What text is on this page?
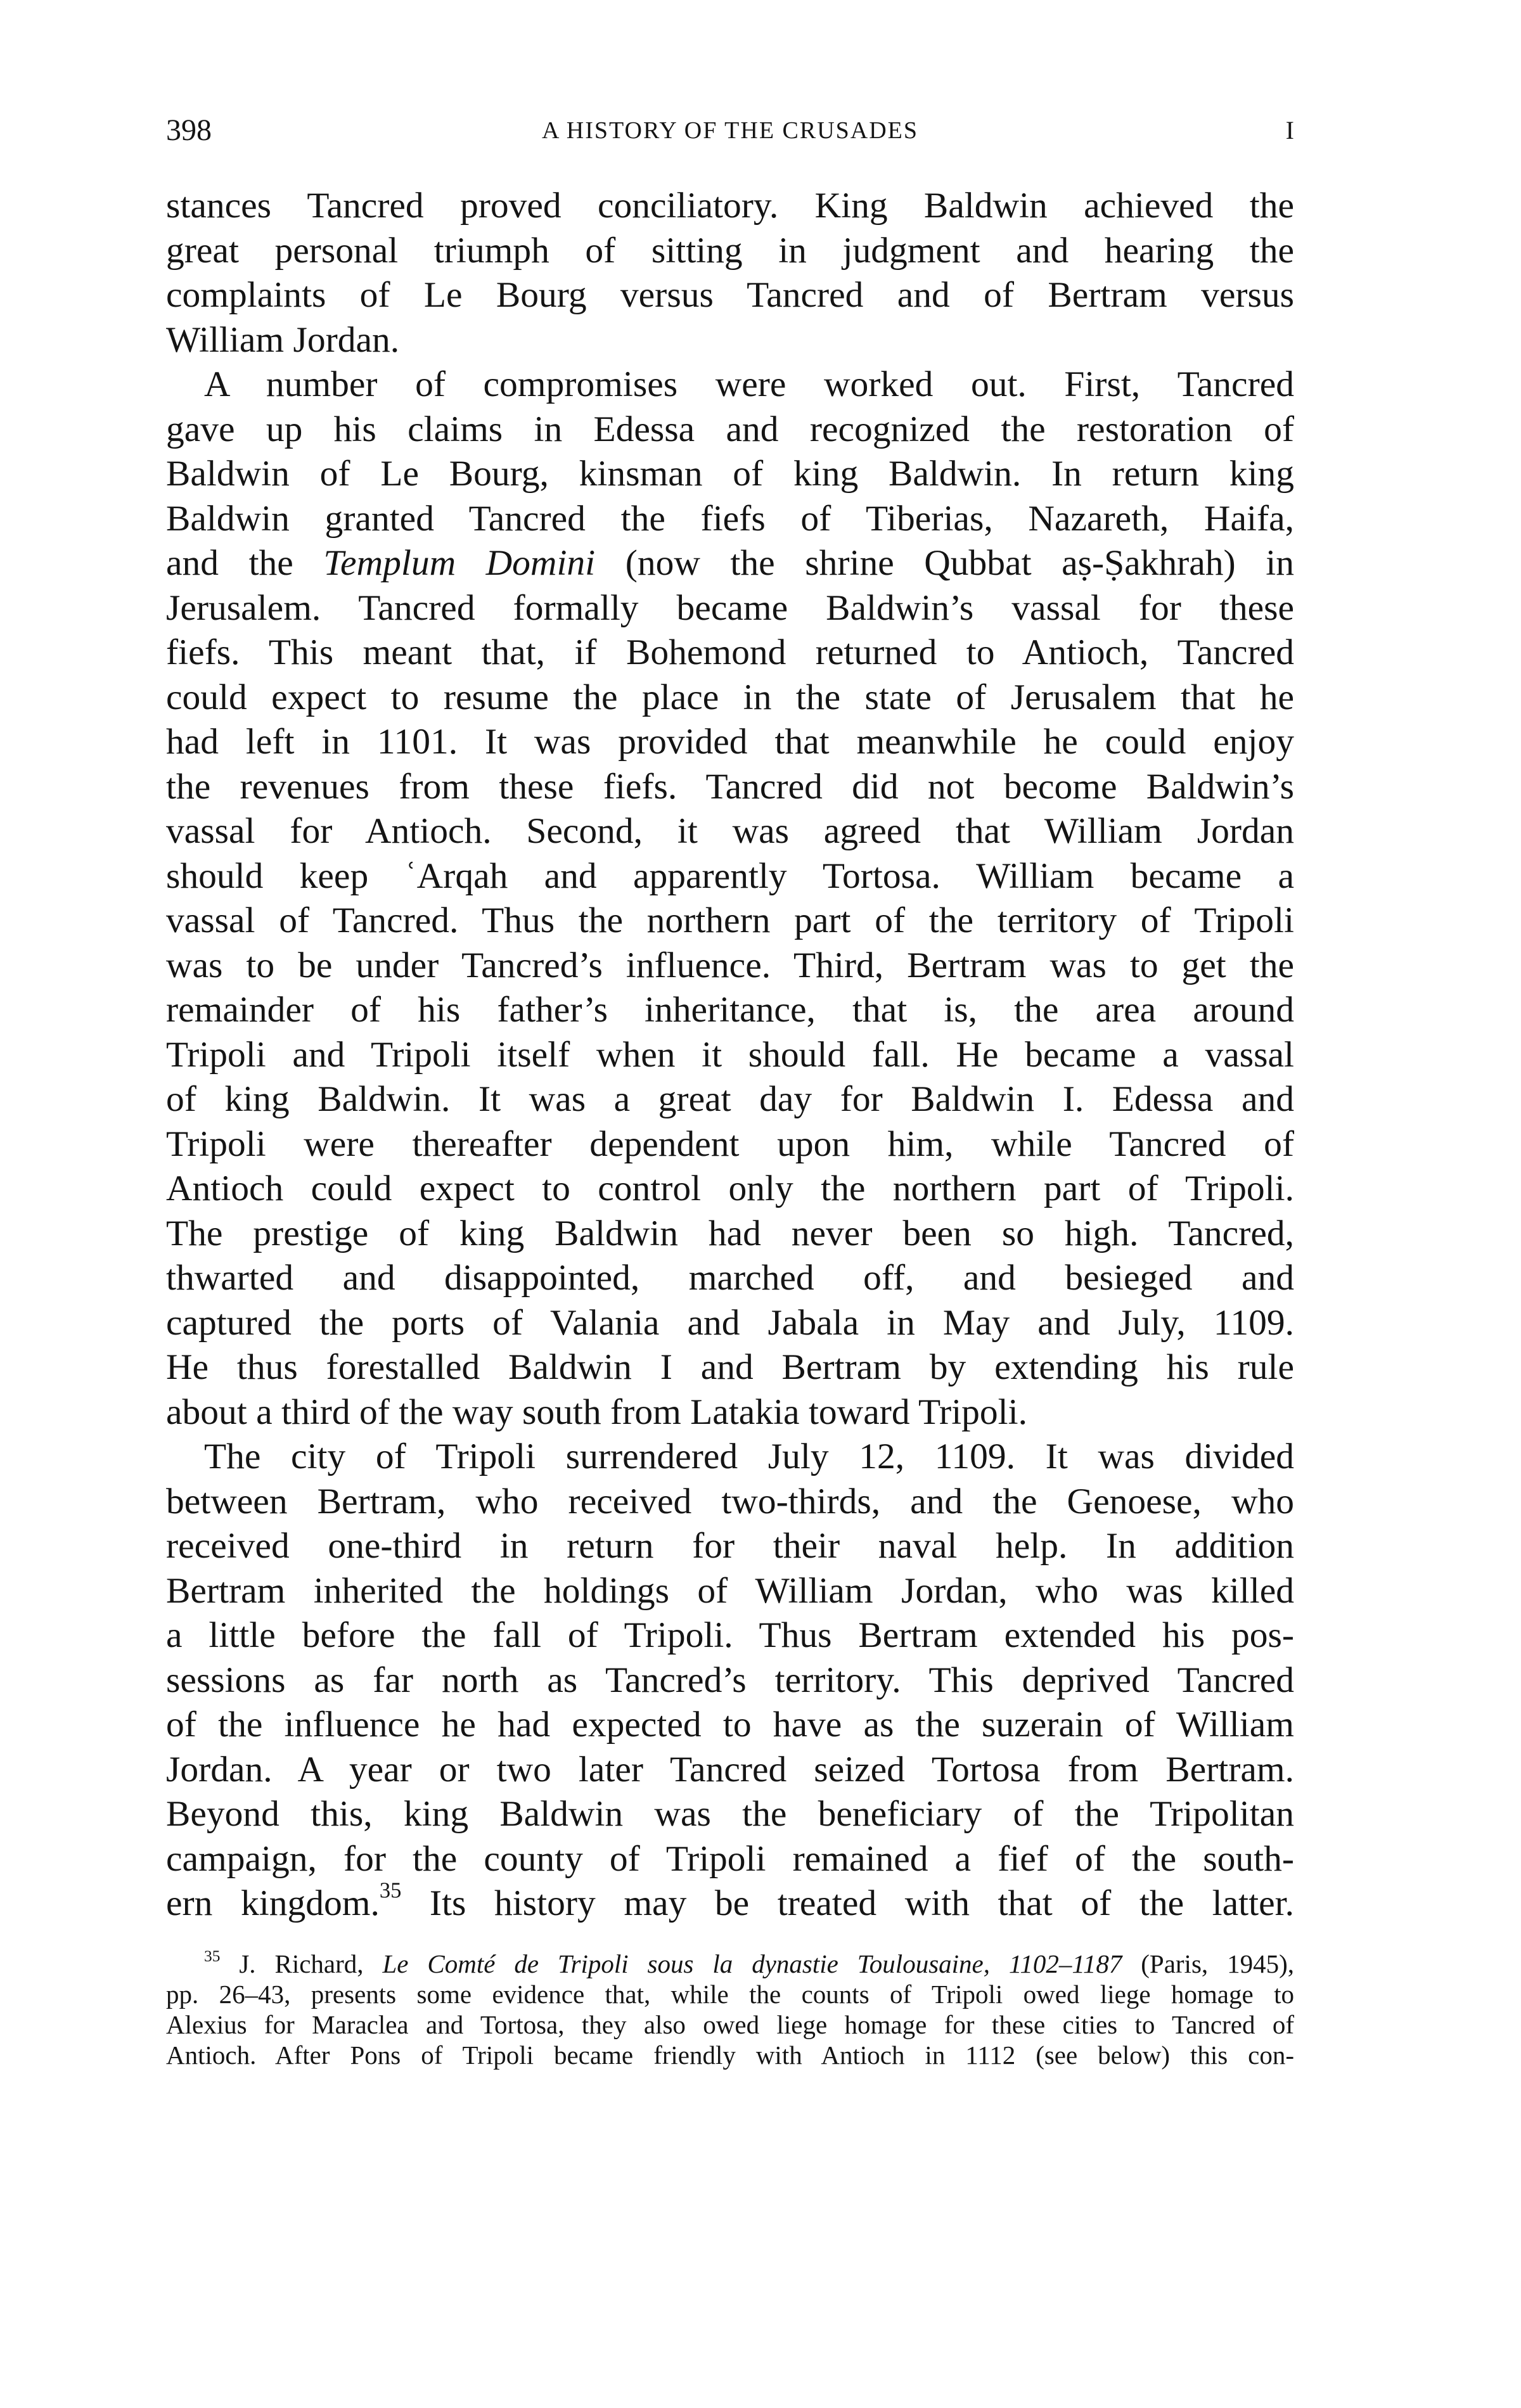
398	A HISTORY OF THE CRUSADES	I
stances Tancred proved conciliatory. King Baldwin achieved the
great personal triumph of sitting in judgment and hearing the
complaints of Le Bourg versus Tancred and of Bertram versus
William Jordan.
A number of compromises were worked out. First, Tancred
gave up his claims in Edessa and recognized the restoration of
Baldwin of Le Bourg, kinsman of king Baldwin. In return king
Baldwin granted Tancred the fiefs of Tiberias, Nazareth, Haifa,
and the Templum Domini (now the shrine Qubbat aṣ-Ṣakhrah) in
Jerusalem. Tancred formally became Baldwin’s vassal for these
fiefs. This meant that, if Bohemond returned to Antioch, Tancred
could expect to resume the place in the state of Jerusalem that he
had left in 1101. It was provided that meanwhile he could enjoy
the revenues from these fiefs. Tancred did not become Baldwin’s
vassal for Antioch. Second, it was agreed that William Jordan
should keep ʿArqah and apparently Tortosa. William became a
vassal of Tancred. Thus the northern part of the territory of Tripoli
was to be under Tancred’s influence. Third, Bertram was to get the
remainder of his father’s inheritance, that is, the area around
Tripoli and Tripoli itself when it should fall. He became a vassal
of king Baldwin. It was a great day for Baldwin I. Edessa and
Tripoli were thereafter dependent upon him, while Tancred of
Antioch could expect to control only the northern part of Tripoli.
The prestige of king Baldwin had never been so high. Tancred,
thwarted and disappointed, marched off, and besieged and
captured the ports of Valania and Jabala in May and July, 1109.
He thus forestalled Baldwin I and Bertram by extending his rule
about a third of the way south from Latakia toward Tripoli.
The city of Tripoli surrendered July 12, 1109. It was divided
between Bertram, who received two-thirds, and the Genoese, who
received one-third in return for their naval help. In addition
Bertram inherited the holdings of William Jordan, who was killed
a little before the fall of Tripoli. Thus Bertram extended his pos-
sessions as far north as Tancred’s territory. This deprived Tancred
of the influence he had expected to have as the suzerain of William
Jordan. A year or two later Tancred seized Tortosa from Bertram.
Beyond this, king Baldwin was the beneficiary of the Tripolitan
campaign, for the county of Tripoli remained a fief of the south-
ern kingdom.$^{35}$ Its history may be treated with that of the latter.
$^{35}$ J. Richard, Le Comté de Tripoli sous la dynastie Toulousaine, 1102–1187 (Paris, 1945),
pp. 26–43, presents some evidence that, while the counts of Tripoli owed liege homage to
Alexius for Maraclea and Tortosa, they also owed liege homage for these cities to Tancred of
Antioch. After Pons of Tripoli became friendly with Antioch in 1112 (see below) this con-
